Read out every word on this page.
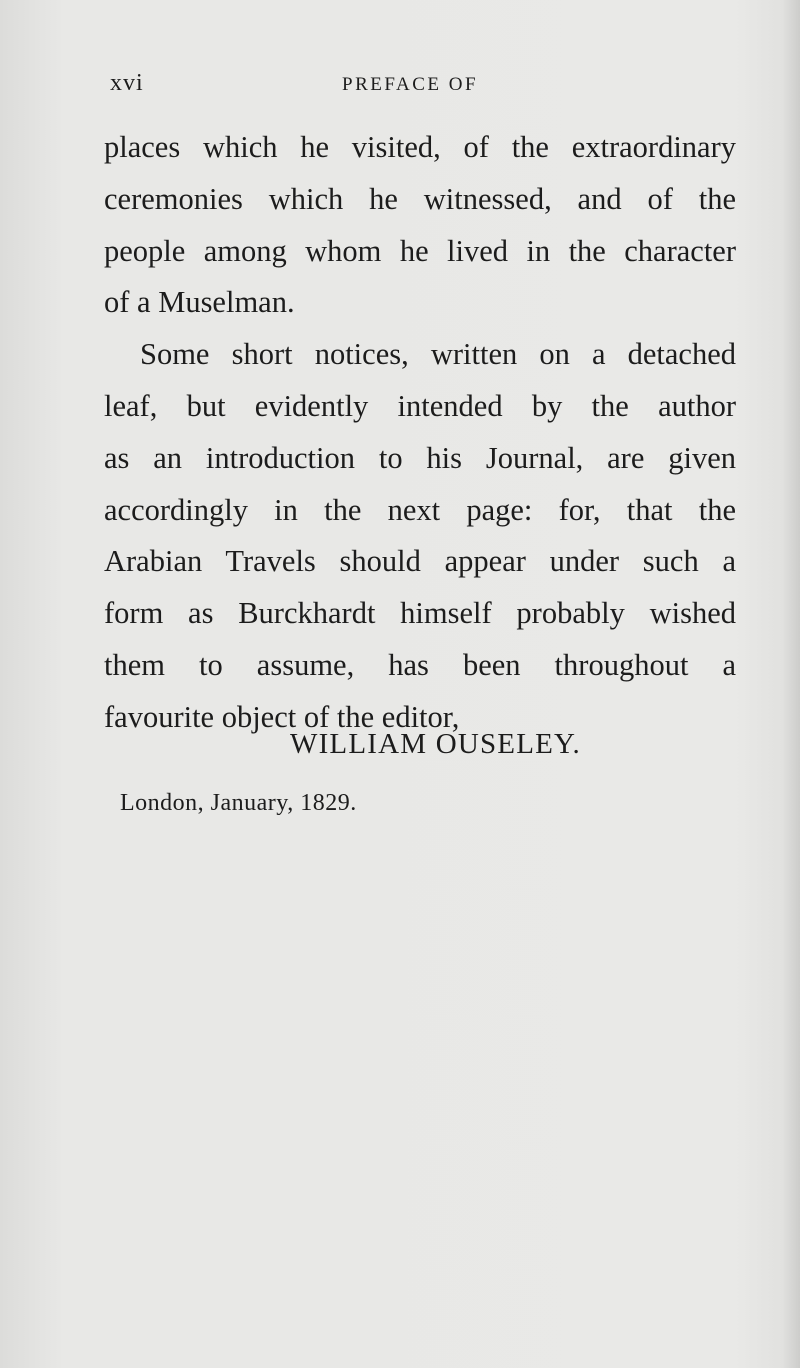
xvi	PREFACE OF
places which he visited, of the extraordinary
ceremonies which he witnessed, and of the
people among whom he lived in the character
of a Muselman.
Some short notices, written on a detached
leaf, but evidently intended by the author
as an introduction to his Journal, are given
accordingly in the next page: for, that the
Arabian Travels should appear under such a
form as Burckhardt himself probably wished
them to assume, has been throughout a
favourite object of the editor,
WILLIAM OUSELEY.
London, January, 1829.
